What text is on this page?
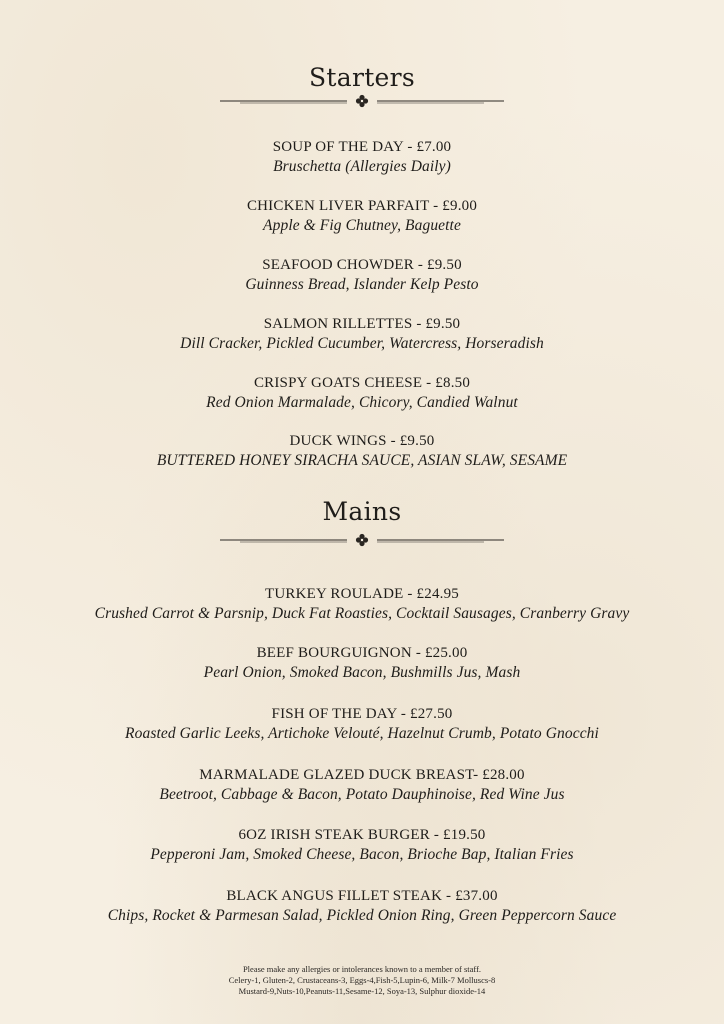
Starters
SOUP OF THE DAY - £7.00
Bruschetta (Allergies Daily)
CHICKEN LIVER PARFAIT - £9.00
Apple & Fig Chutney, Baguette
SEAFOOD CHOWDER - £9.50
Guinness Bread, Islander Kelp Pesto
SALMON RILLETTES - £9.50
Dill Cracker, Pickled Cucumber, Watercress, Horseradish
CRISPY GOATS CHEESE - £8.50
Red Onion Marmalade, Chicory, Candied Walnut
DUCK WINGS - £9.50
BUTTERED HONEY SIRACHA SAUCE, ASIAN SLAW, SESAME
Mains
TURKEY ROULADE - £24.95
Crushed Carrot & Parsnip, Duck Fat Roasties, Cocktail Sausages, Cranberry Gravy
BEEF BOURGUIGNON - £25.00
Pearl Onion, Smoked Bacon, Bushmills Jus, Mash
FISH OF THE DAY - £27.50
Roasted Garlic Leeks, Artichoke Velouté, Hazelnut Crumb, Potato Gnocchi
MARMALADE GLAZED DUCK BREAST- £28.00
Beetroot, Cabbage & Bacon, Potato Dauphinoise, Red Wine Jus
6OZ IRISH STEAK BURGER - £19.50
Pepperoni Jam, Smoked Cheese, Bacon, Brioche Bap, Italian Fries
BLACK ANGUS FILLET STEAK - £37.00
Chips, Rocket & Parmesan Salad, Pickled Onion Ring, Green Peppercorn Sauce
Please make any allergies or intolerances known to a member of staff.
Celery-1, Gluten-2, Crustaceans-3, Eggs-4,Fish-5,Lupin-6, Milk-7 Molluscs-8
Mustard-9,Nuts-10,Peanuts-11,Sesame-12, Soya-13, Sulphur dioxide-14
